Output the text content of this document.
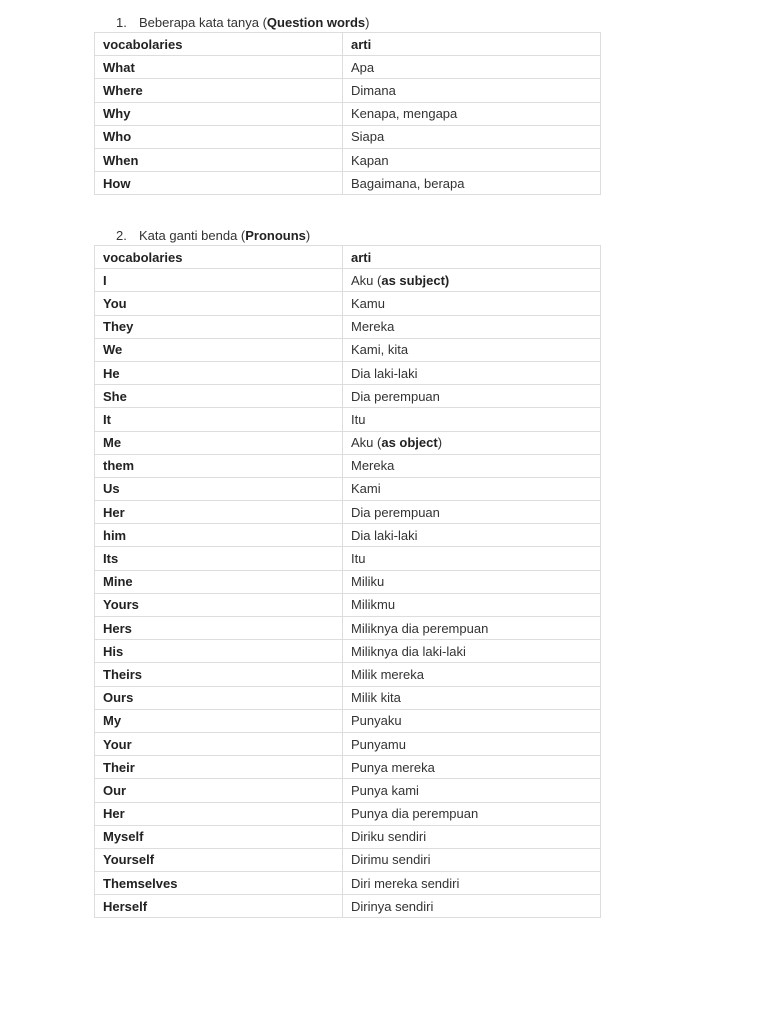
1. Beberapa kata tanya (Question words)
vocabolaries	arti
What	Apa
Where	Dimana
Why	Kenapa, mengapa
Who	Siapa
When	Kapan
How	Bagaimana, berapa
2. Kata ganti benda (Pronouns)
vocabolaries	arti
I	Aku (as subject)
You	Kamu
They	Mereka
We	Kami, kita
He	Dia laki-laki
She	Dia perempuan
It	Itu
Me	Aku (as object)
them	Mereka
Us	Kami
Her	Dia perempuan
him	Dia laki-laki
Its	Itu
Mine	Miliku
Yours	Milikmu
Hers	Miliknya dia perempuan
His	Miliknya dia laki-laki
Theirs	Milik mereka
Ours	Milik kita
My	Punyaku
Your	Punyamu
Their	Punya mereka
Our	Punya kami
Her	Punya dia perempuan
Myself	Diriku sendiri
Yourself	Dirimu sendiri
Themselves	Diri mereka sendiri
Herself	Dirinya sendiri
